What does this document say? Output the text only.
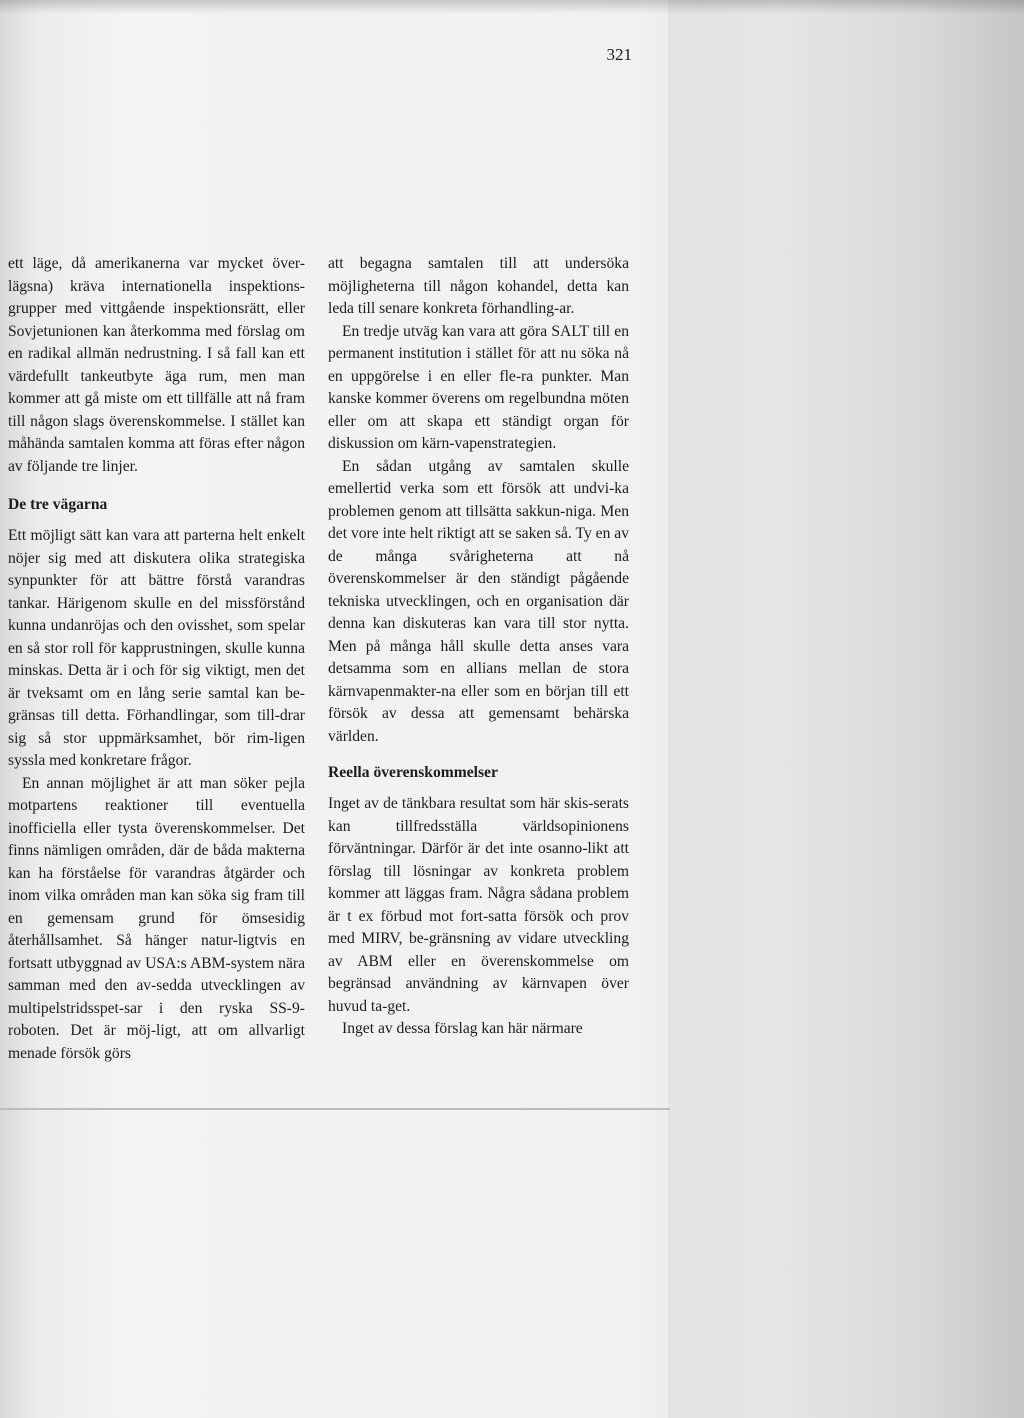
321

ett läge, då amerikanerna var mycket över-lägsna) kräva internationella inspektions-grupper med vittgående inspektionsrätt, eller Sovjetunionen kan återkomma med förslag om en radikal allmän nedrustning. I så fall kan ett värdefullt tankeutbyte äga rum, men man kommer att gå miste om ett tillfälle att nå fram till någon slags överenskommelse. I stället kan måhända samtalen komma att föras efter någon av följande tre linjer.

De tre vägarna

Ett möjligt sätt kan vara att parterna helt enkelt nöjer sig med att diskutera olika strategiska synpunkter för att bättre förstå varandras tankar. Härigenom skulle en del missförstånd kunna undanröjas och den ovisshet, som spelar en så stor roll för kapprustningen, skulle kunna minskas. Detta är i och för sig viktigt, men det är tveksamt om en lång serie samtal kan be-gränsas till detta. Förhandlingar, som till-drar sig så stor uppmärksamhet, bör rim-ligen syssla med konkretare frågor.

En annan möjlighet är att man söker pejla motpartens reaktioner till eventuella inofficiella eller tysta överenskommelser. Det finns nämligen områden, där de båda makterna kan ha förståelse för varandras åtgärder och inom vilka områden man kan söka sig fram till en gemensam grund för ömsesidig återhållsamhet. Så hänger natur-ligtvis en fortsatt utbyggnad av USA:s ABM-system nära samman med den av-sedda utvecklingen av multipelstridsspet-sar i den ryska SS-9-roboten. Det är möj-ligt, att om allvarligt menade försök görs

att begagna samtalen till att undersöka möjligheterna till någon kohandel, detta kan leda till senare konkreta förhandling-ar.

En tredje utväg kan vara att göra SALT till en permanent institution i stället för att nu söka nå en uppgörelse i en eller fle-ra punkter. Man kanske kommer överens om regelbundna möten eller om att skapa ett ständigt organ för diskussion om kärn-vapenstrategien.

En sådan utgång av samtalen skulle emellertid verka som ett försök att undvi-ka problemen genom att tillsätta sakkun-niga. Men det vore inte helt riktigt att se saken så. Ty en av de många svårigheterna att nå överenskommelser är den ständigt pågående tekniska utvecklingen, och en organisation där denna kan diskuteras kan vara till stor nytta. Men på många håll skulle detta anses vara detsamma som en allians mellan de stora kärnvapenmakter-na eller som en början till ett försök av dessa att gemensamt behärska världen.

Reella överenskommelser

Inget av de tänkbara resultat som här skis-serats kan tillfredsställa världsopinionens förväntningar. Därför är det inte osanno-likt att förslag till lösningar av konkreta problem kommer att läggas fram. Några sådana problem är t ex förbud mot fort-satta försök och prov med MIRV, be-gränsning av vidare utveckling av ABM eller en överenskommelse om begränsad användning av kärnvapen över huvud ta-get.

Inget av dessa förslag kan här närmare
